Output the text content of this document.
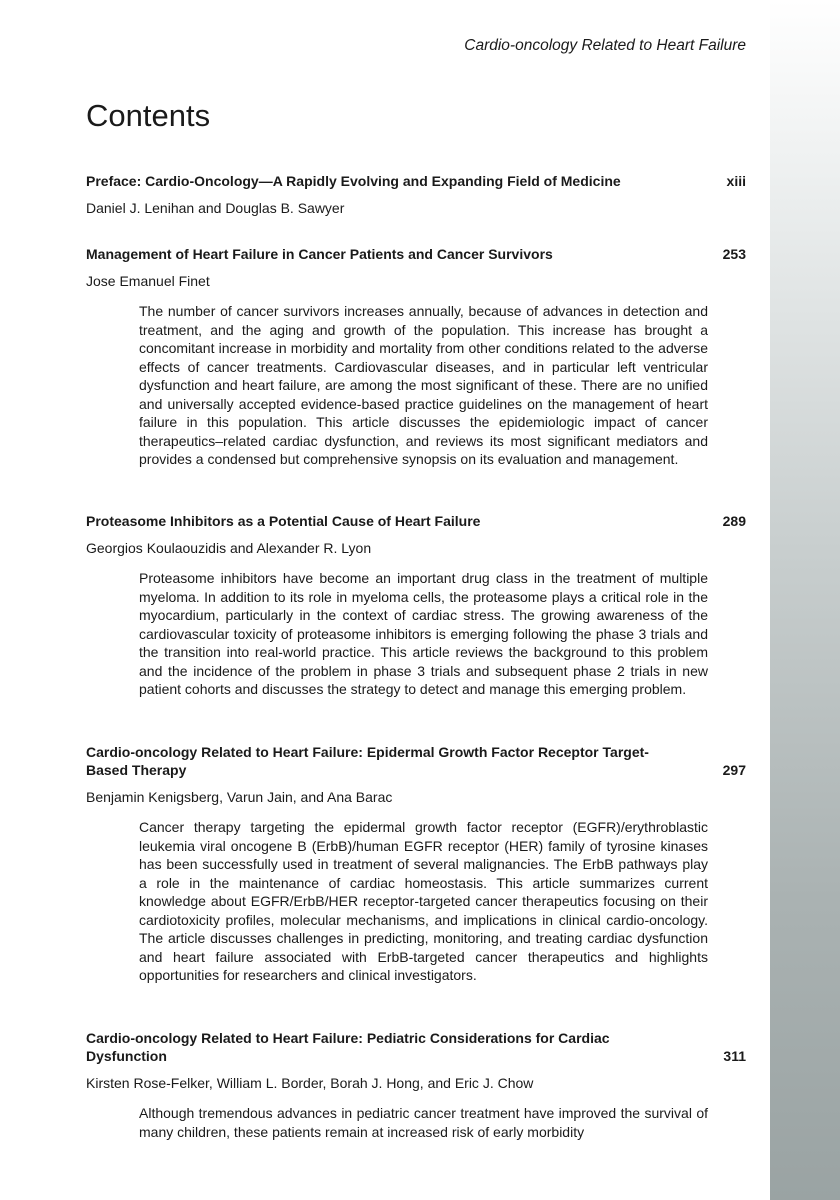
Cardio-oncology Related to Heart Failure
Contents
Preface: Cardio-Oncology—A Rapidly Evolving and Expanding Field of Medicine	xiii
Daniel J. Lenihan and Douglas B. Sawyer
Management of Heart Failure in Cancer Patients and Cancer Survivors	253
Jose Emanuel Finet
The number of cancer survivors increases annually, because of advances in detection and treatment, and the aging and growth of the population. This increase has brought a concomitant increase in morbidity and mortality from other conditions related to the adverse effects of cancer treatments. Cardiovascular diseases, and in particular left ventricular dysfunction and heart failure, are among the most significant of these. There are no unified and universally accepted evidence-based practice guidelines on the management of heart failure in this population. This article discusses the epidemiologic impact of cancer therapeutics–related cardiac dysfunction, and reviews its most significant mediators and provides a condensed but comprehensive synopsis on its evaluation and management.
Proteasome Inhibitors as a Potential Cause of Heart Failure	289
Georgios Koulaouzidis and Alexander R. Lyon
Proteasome inhibitors have become an important drug class in the treatment of multiple myeloma. In addition to its role in myeloma cells, the proteasome plays a critical role in the myocardium, particularly in the context of cardiac stress. The growing awareness of the cardiovascular toxicity of proteasome inhibitors is emerging following the phase 3 trials and the transition into real-world practice. This article reviews the background to this problem and the incidence of the problem in phase 3 trials and subsequent phase 2 trials in new patient cohorts and discusses the strategy to detect and manage this emerging problem.
Cardio-oncology Related to Heart Failure: Epidermal Growth Factor Receptor Target-Based Therapy	297
Benjamin Kenigsberg, Varun Jain, and Ana Barac
Cancer therapy targeting the epidermal growth factor receptor (EGFR)/erythroblastic leukemia viral oncogene B (ErbB)/human EGFR receptor (HER) family of tyrosine kinases has been successfully used in treatment of several malignancies. The ErbB pathways play a role in the maintenance of cardiac homeostasis. This article summarizes current knowledge about EGFR/ErbB/HER receptor-targeted cancer therapeutics focusing on their cardiotoxicity profiles, molecular mechanisms, and implications in clinical cardio-oncology. The article discusses challenges in predicting, monitoring, and treating cardiac dysfunction and heart failure associated with ErbB-targeted cancer therapeutics and highlights opportunities for researchers and clinical investigators.
Cardio-oncology Related to Heart Failure: Pediatric Considerations for Cardiac Dysfunction	311
Kirsten Rose-Felker, William L. Border, Borah J. Hong, and Eric J. Chow
Although tremendous advances in pediatric cancer treatment have improved the survival of many children, these patients remain at increased risk of early morbidity
